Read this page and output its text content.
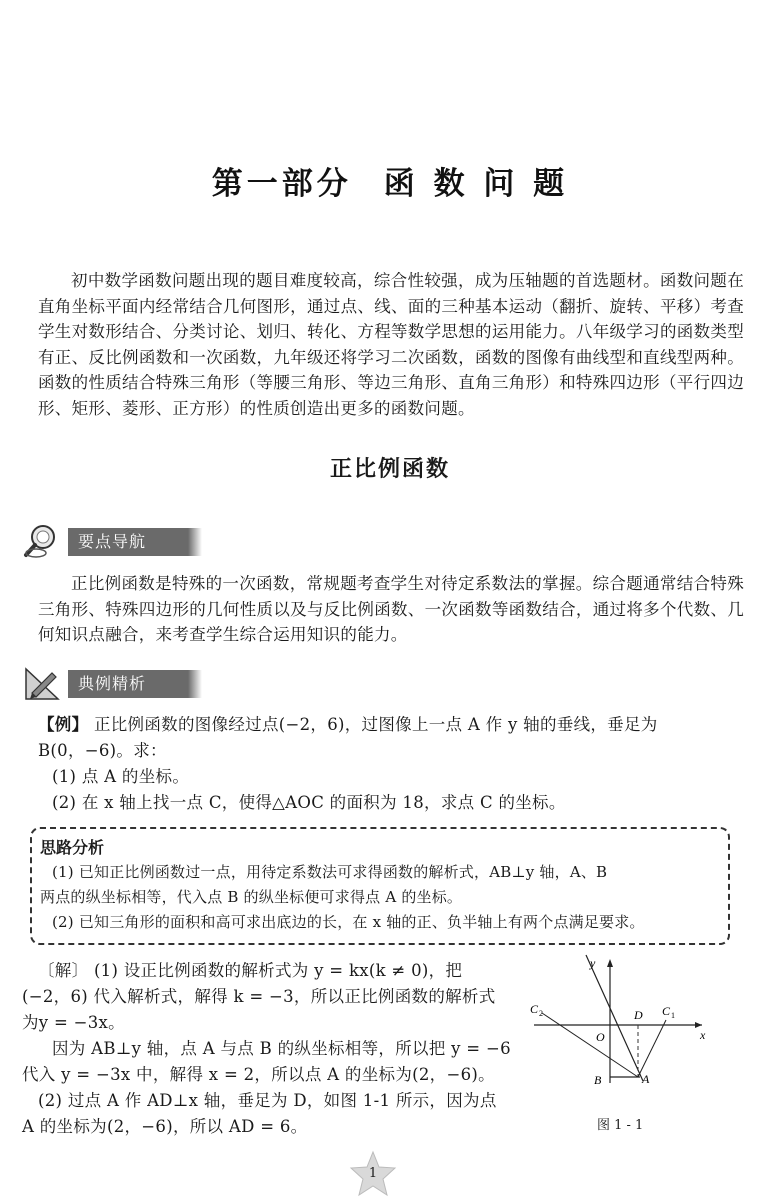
第一部分 函 数 问 题
初中数学函数问题出现的题目难度较高，综合性较强，成为压轴题的首选题材。函数问题在直角坐标平面内经常结合几何图形，通过点、线、面的三种基本运动（翻折、旋转、平移）考查学生对数形结合、分类讨论、划归、转化、方程等数学思想的运用能力。八年级学习的函数类型有正、反比例函数和一次函数，九年级还将学习二次函数，函数的图像有曲线型和直线型两种。函数的性质结合特殊三角形（等腰三角形、等边三角形、直角三角形）和特殊四边形（平行四边形、矩形、菱形、正方形）的性质创造出更多的函数问题。
正比例函数
要点导航
正比例函数是特殊的一次函数，常规题考查学生对待定系数法的掌握。综合题通常结合特殊三角形、特殊四边形的几何性质以及与反比例函数、一次函数等函数结合，通过将多个代数、几何知识点融合，来考查学生综合运用知识的能力。
典例精析
【例】 正比例函数的图像经过点(−2，6)，过图像上一点 A 作 y 轴的垂线，垂足为
B(0，−6)。求：
(1) 点 A 的坐标。
(2) 在 x 轴上找一点 C，使得△AOC 的面积为 18，求点 C 的坐标。
思路分析
(1) 已知正比例函数过一点，用待定系数法可求得函数的解析式，AB⊥y 轴，A、B
两点的纵坐标相等，代入点 B 的纵坐标便可求得点 A 的坐标。
(2) 已知三角形的面积和高可求出底边的长，在 x 轴的正、负半轴上有两个点满足要求。
〔解〕 (1) 设正比例函数的解析式为 y = kx(k ≠ 0)，把
(−2，6) 代入解析式，解得 k = −3，所以正比例函数的解析式
为y = −3x。
因为 AB⊥y 轴，点 A 与点 B 的纵坐标相等，所以把 y = −6
代入 y = −3x 中，解得 x = 2，所以点 A 的坐标为(2，−6)。
(2) 过点 A 作 AD⊥x 轴，垂足为 D，如图 1-1 所示，因为点
A 的坐标为(2，−6)，所以 AD = 6。
y
x
O
D C 1
C 2
A
B
图 1 - 1
1
